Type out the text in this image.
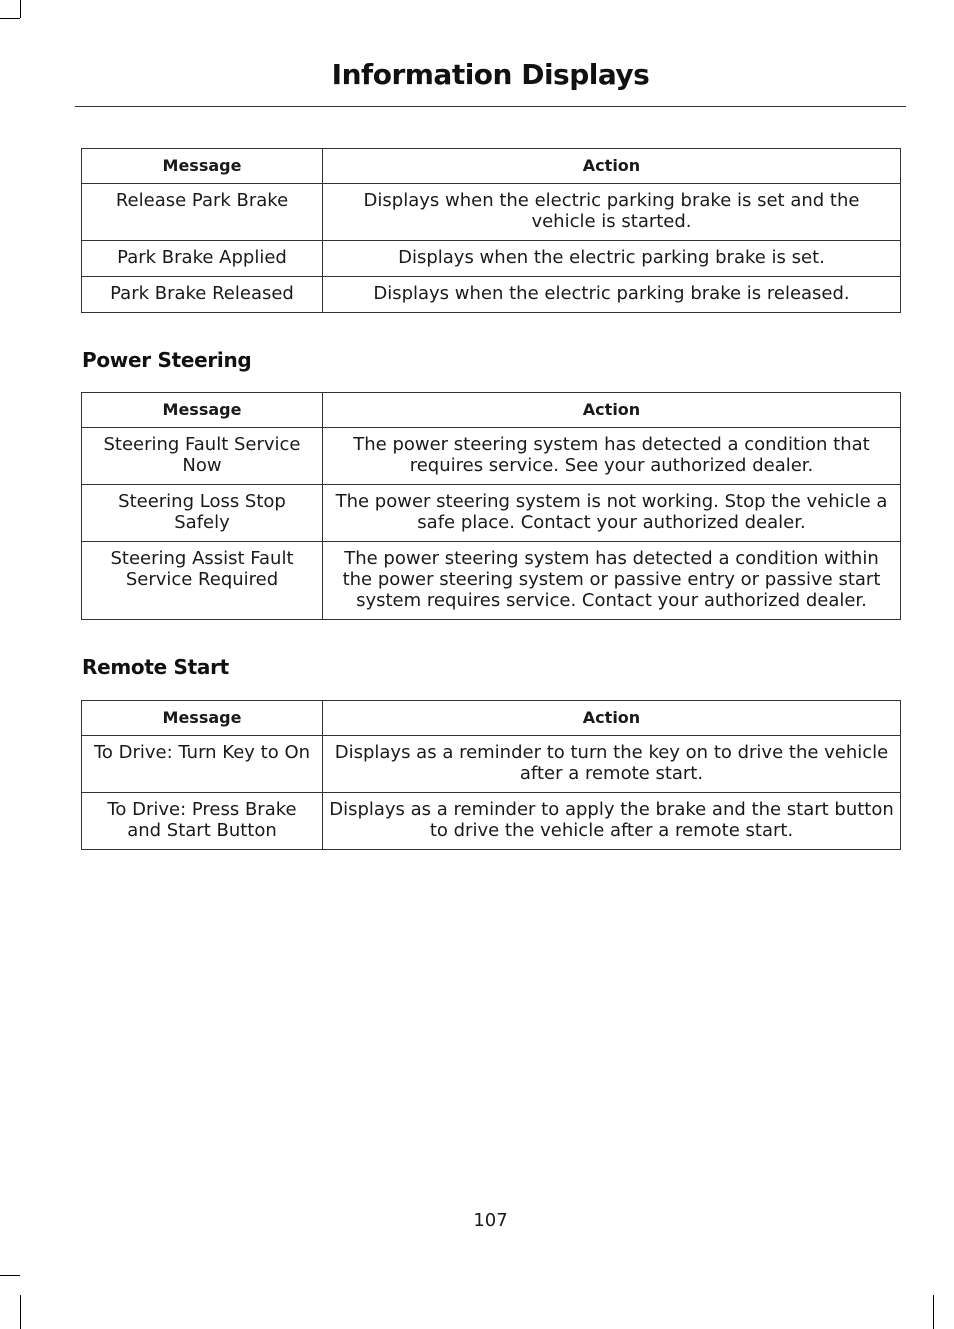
Information Displays
Message	Action
Release Park Brake	Displays when the electric parking brake is set and the vehicle is started.
Park Brake Applied	Displays when the electric parking brake is set.
Park Brake Released	Displays when the electric parking brake is released.
Power Steering
Message	Action
Steering Fault Service Now	The power steering system has detected a condition that requires service. See your authorized dealer.
Steering Loss Stop Safely	The power steering system is not working. Stop the vehicle a safe place. Contact your authorized dealer.
Steering Assist Fault Service Required	The power steering system has detected a condition within the power steering system or passive entry or passive start system requires service. Contact your authorized dealer.
Remote Start
Message	Action
To Drive: Turn Key to On	Displays as a reminder to turn the key on to drive the vehicle after a remote start.
To Drive: Press Brake and Start Button	Displays as a reminder to apply the brake and the start button to drive the vehicle after a remote start.
107
